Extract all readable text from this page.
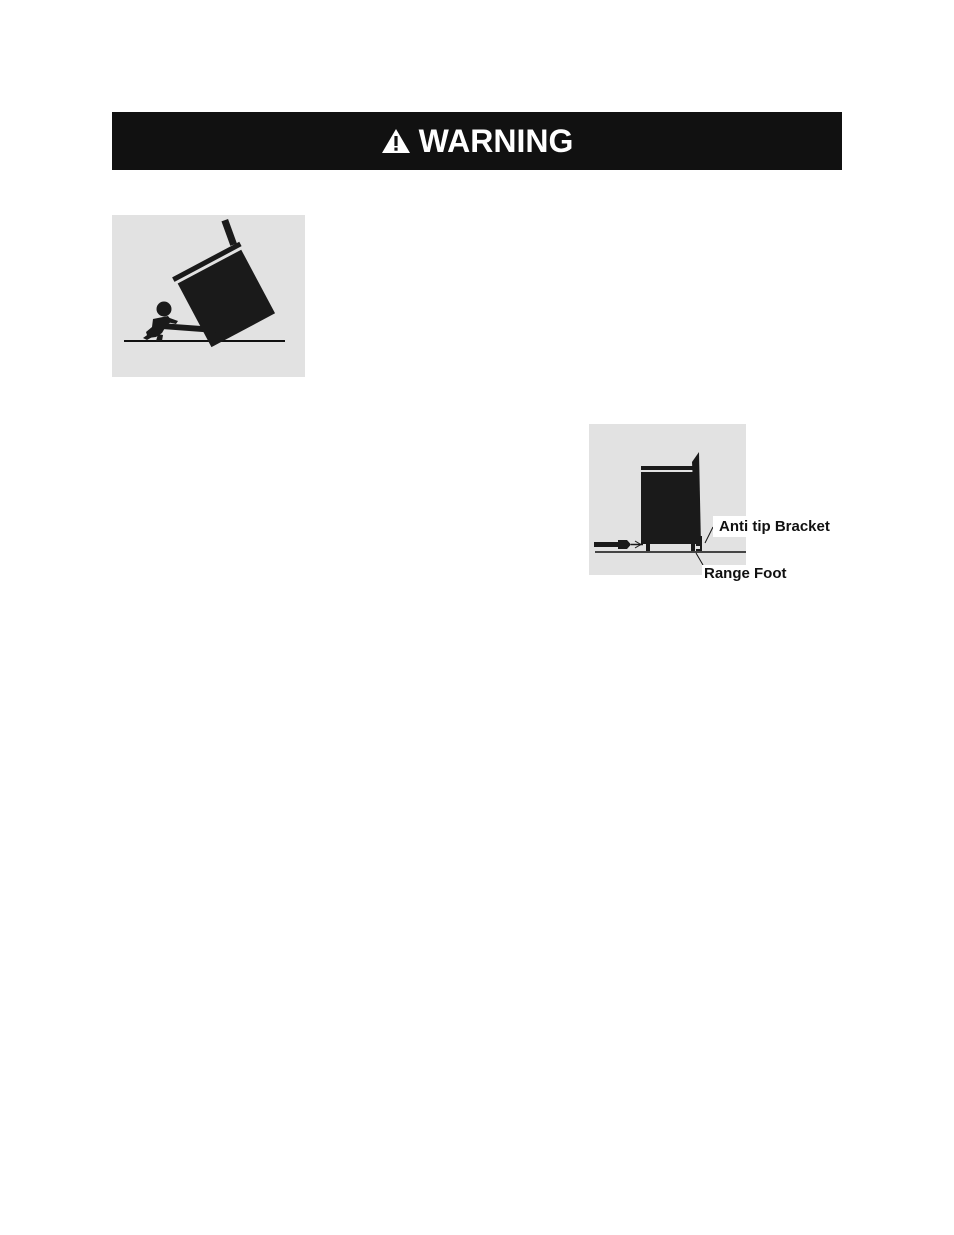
WARNING
Anti tip Bracket
Range Foot
